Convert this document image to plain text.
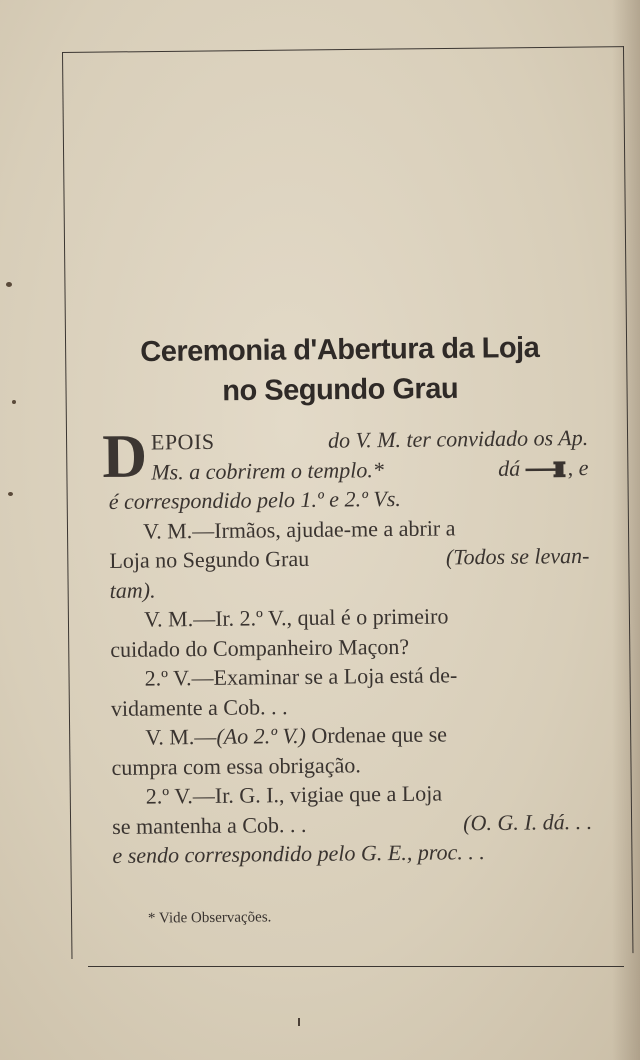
Ceremonia d'Abertura da Loja
no Segundo Grau
D EPOIS	do V. M. ter convidado os Ap.
Ms. a cobrirem o templo.*	dá , e
é correspondido pelo 1.º e 2.º Vs.
V. M.—Irmãos, ajudae-me a abrir a
Loja no Segundo Grau	(Todos se levan-
tam).
V. M.—Ir. 2.º V., qual é o primeiro
cuidado do Companheiro Maçon?
2.º V.—Examinar se a Loja está de-
vidamente a Cob. . .
V. M.—(Ao 2.º V.) Ordenae que se
cumpra com essa obrigação.
2.º V.—Ir. G. I., vigiae que a Loja
se mantenha a Cob. . .	(O. G. I. dá. . .
e sendo correspondido pelo G. E., proc. . .
* Vide Observações.
